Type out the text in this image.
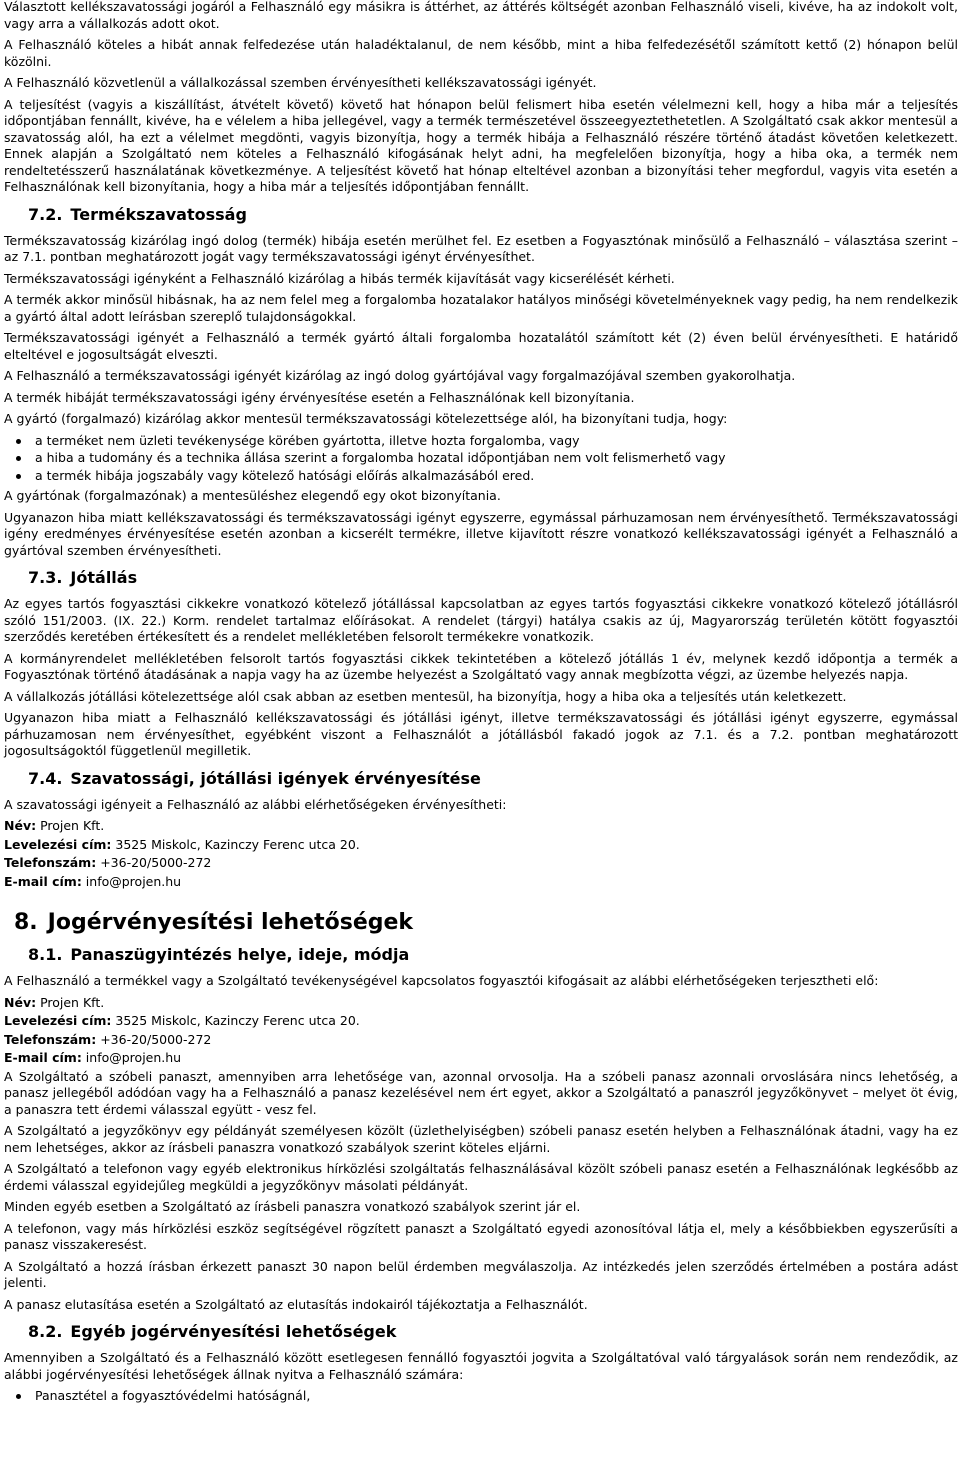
Választott kellékszavatossági jogáról a Felhasználó egy másikra is áttérhet, az áttérés költségét azonban Felhasználó viseli, kivéve, ha az indokolt volt, vagy arra a vállalkozás adott okot.

A Felhasználó köteles a hibát annak felfedezése után haladéktalanul, de nem később, mint a hiba felfedezésétől számított kettő (2) hónapon belül közölni.

A Felhasználó közvetlenül a vállalkozással szemben érvényesítheti kellékszavatossági igényét.

A teljesítést (vagyis a kiszállítást, átvételt követő) követő hat hónapon belül felismert hiba esetén vélelmezni kell, hogy a hiba már a teljesítés időpontjában fennállt, kivéve, ha e vélelem a hiba jellegével, vagy a termék természetével összeegyeztethetetlen. A Szolgáltató csak akkor mentesül a szavatosság alól, ha ezt a vélelmet megdönti, vagyis bizonyítja, hogy a termék hibája a Felhasználó részére történő átadást követően keletkezett. Ennek alapján a Szolgáltató nem köteles a Felhasználó kifogásának helyt adni, ha megfelelően bizonyítja, hogy a hiba oka, a termék nem rendeltetésszerű használatának következménye. A teljesítést követő hat hónap elteltével azonban a bizonyítási teher megfordul, vagyis vita esetén a Felhasználónak kell bizonyítania, hogy a hiba már a teljesítés időpontjában fennállt.

7.2. Termékszavatosság

Termékszavatosság kizárólag ingó dolog (termék) hibája esetén merülhet fel. Ez esetben a Fogyasztónak minősülő a Felhasználó – választása szerint – az 7.1. pontban meghatározott jogát vagy termékszavatossági igényt érvényesíthet.

Termékszavatossági igényként a Felhasználó kizárólag a hibás termék kijavítását vagy kicserélését kérheti.

A termék akkor minősül hibásnak, ha az nem felel meg a forgalomba hozatalakor hatályos minőségi követelményeknek vagy pedig, ha nem rendelkezik a gyártó által adott leírásban szereplő tulajdonságokkal.

Termékszavatossági igényét a Felhasználó a termék gyártó általi forgalomba hozatalától számított két (2) éven belül érvényesítheti. E határidő elteltével e jogosultságát elveszti.

A Felhasználó a termékszavatossági igényét kizárólag az ingó dolog gyártójával vagy forgalmazójával szemben gyakorolhatja.

A termék hibáját termékszavatossági igény érvényesítése esetén a Felhasználónak kell bizonyítania.

A gyártó (forgalmazó) kizárólag akkor mentesül termékszavatossági kötelezettsége alól, ha bizonyítani tudja, hogy:

a terméket nem üzleti tevékenysége körében gyártotta, illetve hozta forgalomba, vagy
a hiba a tudomány és a technika állása szerint a forgalomba hozatal időpontjában nem volt felismerhető vagy
a termék hibája jogszabály vagy kötelező hatósági előírás alkalmazásából ered.

A gyártónak (forgalmazónak) a mentesüléshez elegendő egy okot bizonyítania.

Ugyanazon hiba miatt kellékszavatossági és termékszavatossági igényt egyszerre, egymással párhuzamosan nem érvényesíthető. Termékszavatossági igény eredményes érvényesítése esetén azonban a kicserélt termékre, illetve kijavított részre vonatkozó kellékszavatossági igényét a Felhasználó a gyártóval szemben érvényesítheti.

7.3. Jótállás

Az egyes tartós fogyasztási cikkekre vonatkozó kötelező jótállással kapcsolatban az egyes tartós fogyasztási cikkekre vonatkozó kötelező jótállásról szóló 151/2003. (IX. 22.) Korm. rendelet tartalmaz előírásokat. A rendelet (tárgyi) hatálya csakis az új, Magyarország területén kötött fogyasztói szerződés keretében értékesített és a rendelet mellékletében felsorolt termékekre vonatkozik.

A kormányrendelet mellékletében felsorolt tartós fogyasztási cikkek tekintetében a kötelező jótállás 1 év, melynek kezdő időpontja a termék a Fogyasztónak történő átadásának a napja vagy ha az üzembe helyezést a Szolgáltató vagy annak megbízotta végzi, az üzembe helyezés napja.

A vállalkozás jótállási kötelezettsége alól csak abban az esetben mentesül, ha bizonyítja, hogy a hiba oka a teljesítés után keletkezett.

Ugyanazon hiba miatt a Felhasználó kellékszavatossági és jótállási igényt, illetve termékszavatossági és jótállási igényt egyszerre, egymással párhuzamosan nem érvényesíthet, egyébként viszont a Felhasználót a jótállásból fakadó jogok az 7.1. és a 7.2. pontban meghatározott jogosultságoktól függetlenül megilletik.

7.4. Szavatossági, jótállási igények érvényesítése

A szavatossági igényeit a Felhasználó az alábbi elérhetőségeken érvényesítheti:

Név: Projen Kft.
Levelezési cím: 3525 Miskolc, Kazinczy Ferenc utca 20.
Telefonszám: +36-20/5000-272
E-mail cím: info@projen.hu
8. Jogérvényesítési lehetőségek
8.1. Panaszügyintézés helye, ideje, módja

A Felhasználó a termékkel vagy a Szolgáltató tevékenységével kapcsolatos fogyasztói kifogásait az alábbi elérhetőségeken terjesztheti elő:

Név: Projen Kft.
Levelezési cím: 3525 Miskolc, Kazinczy Ferenc utca 20.
Telefonszám: +36-20/5000-272
E-mail cím: info@projen.hu

A Szolgáltató a szóbeli panaszt, amennyiben arra lehetősége van, azonnal orvosolja. Ha a szóbeli panasz azonnali orvoslására nincs lehetőség, a panasz jellegéből adódóan vagy ha a Felhasználó a panasz kezelésével nem ért egyet, akkor a Szolgáltató a panaszról jegyzőkönyvet – melyet öt évig, a panaszra tett érdemi válasszal együtt - vesz fel.

A Szolgáltató a jegyzőkönyv egy példányát személyesen közölt (üzlethelyiségben) szóbeli panasz esetén helyben a Felhasználónak átadni, vagy ha ez nem lehetséges, akkor az írásbeli panaszra vonatkozó szabályok szerint köteles eljárni.

A Szolgáltató a telefonon vagy egyéb elektronikus hírközlési szolgáltatás felhasználásával közölt szóbeli panasz esetén a Felhasználónak legkésőbb az érdemi válasszal egyidejűleg megküldi a jegyzőkönyv másolati példányát.

Minden egyéb esetben a Szolgáltató az írásbeli panaszra vonatkozó szabályok szerint jár el.

A telefonon, vagy más hírközlési eszköz segítségével rögzített panaszt a Szolgáltató egyedi azonosítóval látja el, mely a későbbiekben egyszerűsíti a panasz visszakeresést.

A Szolgáltató a hozzá írásban érkezett panaszt 30 napon belül érdemben megválaszolja. Az intézkedés jelen szerződés értelmében a postára adást jelenti.

A panasz elutasítása esetén a Szolgáltató az elutasítás indokairól tájékoztatja a Felhasználót.

8.2. Egyéb jogérvényesítési lehetőségek

Amennyiben a Szolgáltató és a Felhasználó között esetlegesen fennálló fogyasztói jogvita a Szolgáltatóval való tárgyalások során nem rendeződik, az alábbi jogérvényesítési lehetőségek állnak nyitva a Felhasználó számára:

Panasztétel a fogyasztóvédelmi hatóságnál,
